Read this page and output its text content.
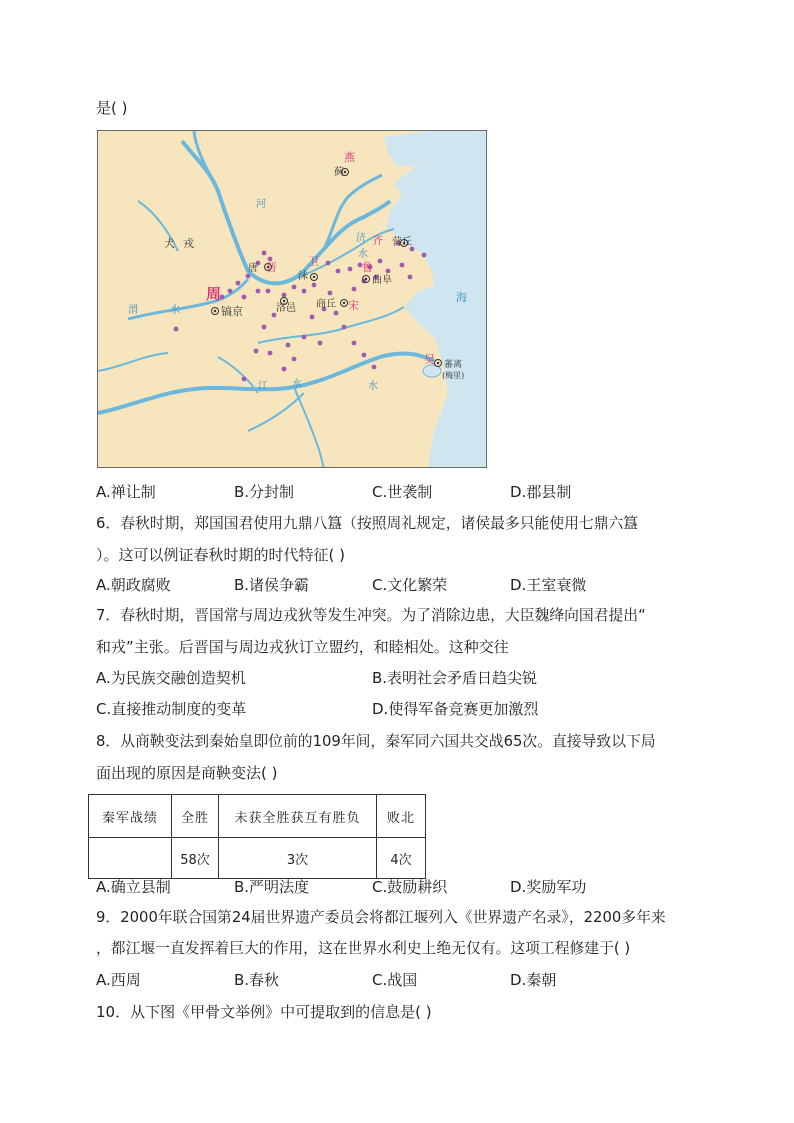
是( )
燕
蓟
犬戎
河
齐 营丘
济
水
晋
唐
卫
沬
鲁
曲阜
周
镐京	洛邑 商丘 宋
渭	水
海
吴 蕃离
(梅里)
江 水	水
A.禅让制	B.分封制	C.世袭制	D.郡县制
6．春秋时期，郑国国君使用九鼎八簋（按照周礼规定，诸侯最多只能使用七鼎六簋
）。这可以例证春秋时期的时代特征( )
A.朝政腐败	B.诸侯争霸	C.文化繁荣	D.王室衰微
7．春秋时期，晋国常与周边戎狄等发生冲突。为了消除边患，大臣魏绛向国君提出“
和戎”主张。后晋国与周边戎狄订立盟约，和睦相处。这种交往
A.为民族交融创造契机	B.表明社会矛盾日趋尖锐
C.直接推动制度的变革	D.使得军备竞赛更加激烈
8．从商鞅变法到秦始皇即位前的109年间，秦军同六国共交战65次。直接导致以下局
面出现的原因是商鞅变法( )
秦军战绩	全胜	未获全胜获互有胜负	败北
	58次	3次	4次
A.确立县制	B.严明法度	C.鼓励耕织	D.奖励军功
9．2000年联合国第24届世界遗产委员会将都江堰列入《世界遗产名录》，2200多年来
，都江堰一直发挥着巨大的作用，这在世界水利史上绝无仅有。这项工程修建于( )
A.西周	B.春秋	C.战国	D.秦朝
10．从下图《甲骨文举例》中可提取到的信息是( )
